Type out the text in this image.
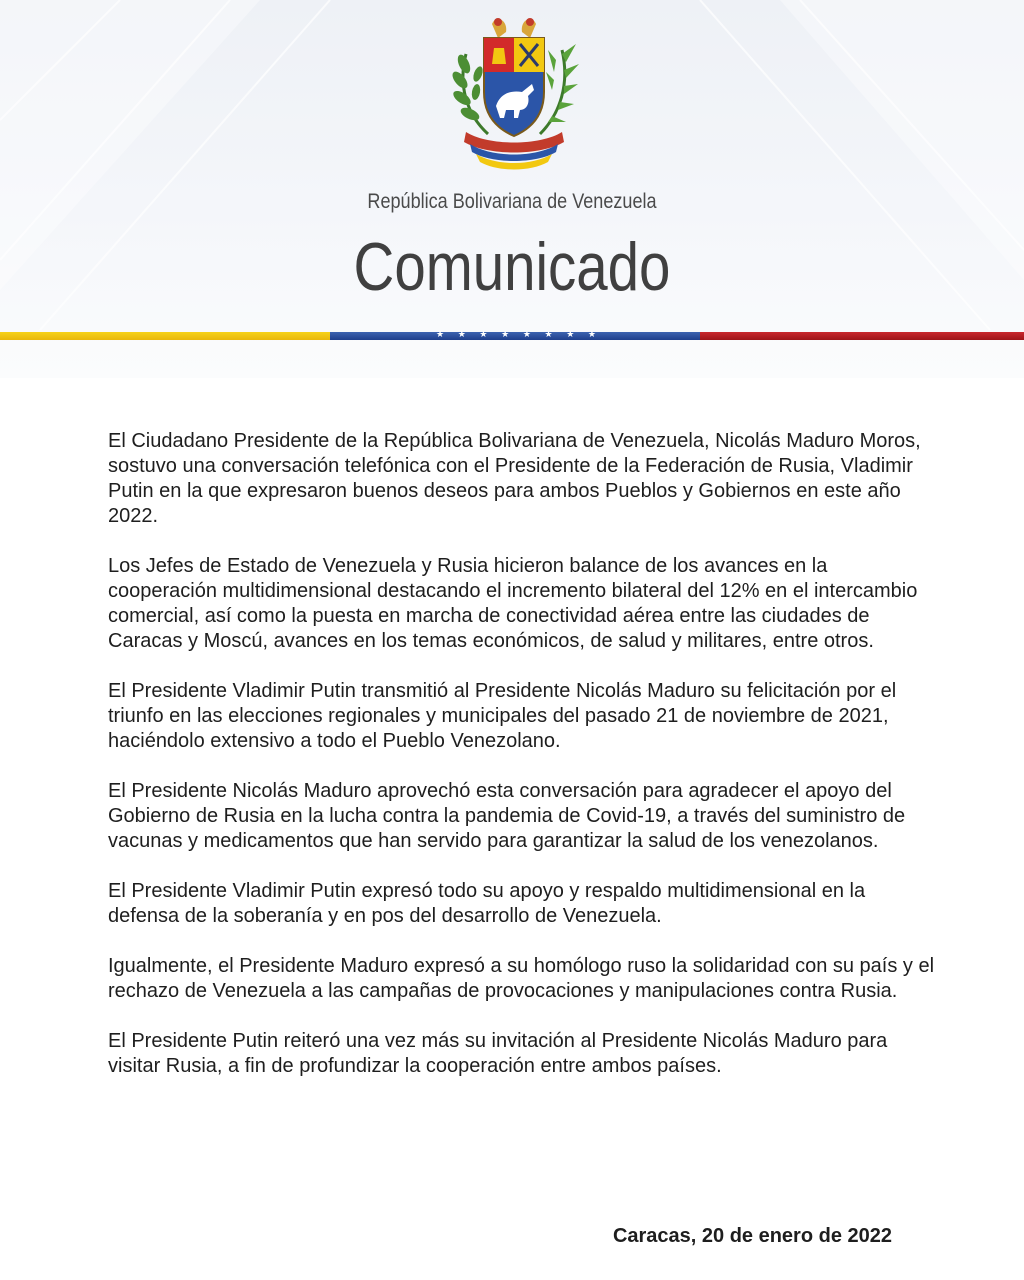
República Bolivariana de Venezuela
Comunicado
★ ★ ★ ★ ★ ★ ★ ★

El Ciudadano Presidente de la República Bolivariana de Venezuela, Nicolás Maduro Moros, sostuvo una conversación telefónica con el Presidente de la Federación de Rusia, Vladimir Putin en la que expresaron buenos deseos para ambos Pueblos y Gobiernos en este año 2022.

Los Jefes de Estado de Venezuela y Rusia hicieron balance de los avances en la cooperación multidimensional destacando el incremento bilateral del 12% en el intercambio comercial, así como la puesta en marcha de conectividad aérea entre las ciudades de Caracas y Moscú, avances en los temas económicos, de salud y militares, entre otros.

El Presidente Vladimir Putin transmitió al Presidente Nicolás Maduro su felicitación por el triunfo en las elecciones regionales y municipales del pasado 21 de noviembre de 2021, haciéndolo extensivo a todo el Pueblo Venezolano.

El Presidente Nicolás Maduro aprovechó esta conversación para agradecer el apoyo del Gobierno de Rusia en la lucha contra la pandemia de Covid-19, a través del suministro de vacunas y medicamentos que han servido para garantizar la salud de los venezolanos.

El Presidente Vladimir Putin expresó todo su apoyo y respaldo multidimensional en la defensa de la soberanía y en pos del desarrollo de Venezuela.

Igualmente, el Presidente Maduro expresó a su homólogo ruso la solidaridad con su país y el rechazo de Venezuela a las campañas de provocaciones y manipulaciones contra Rusia.

El Presidente Putin reiteró una vez más su invitación al Presidente Nicolás Maduro para visitar Rusia, a fin de profundizar la cooperación entre ambos países.

Caracas, 20 de enero de 2022
